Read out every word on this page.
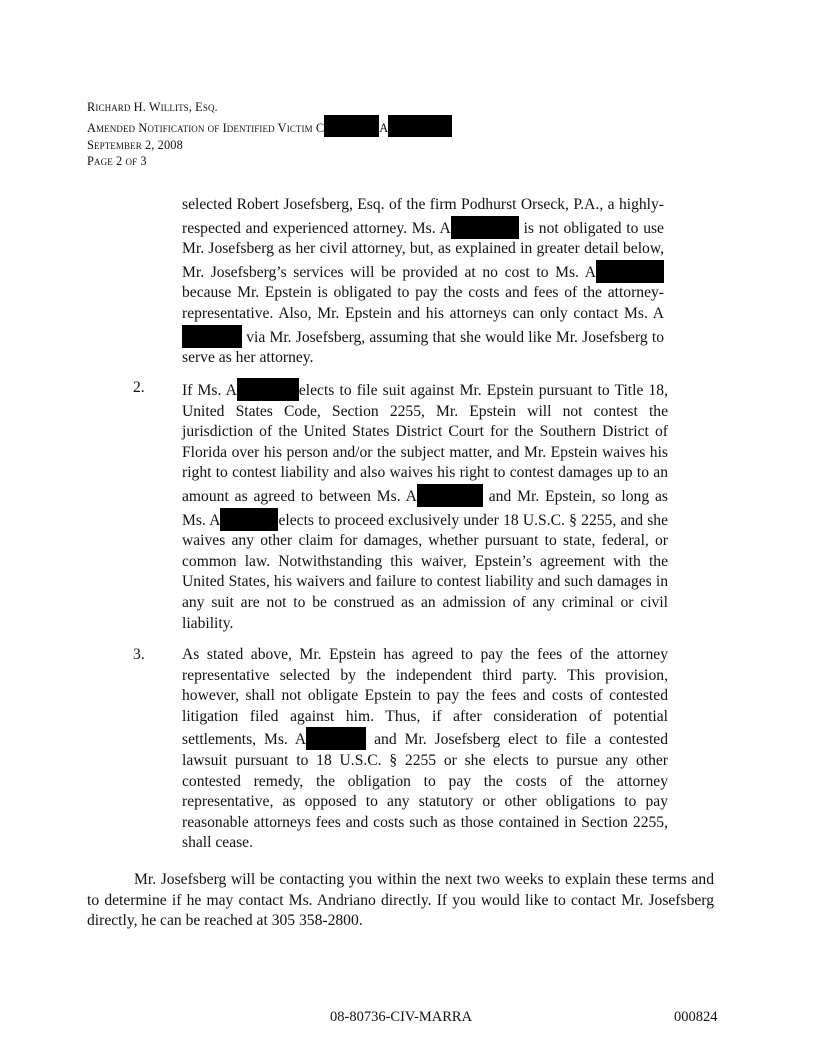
Richard H. Willits, Esq.
Amended Notification of Identified Victim C	A
September 2, 2008
Page 2 of 3
selected Robert Josefsberg, Esq. of the firm Podhurst Orseck, P.A., a highly-respected and experienced attorney. Ms. A	is not obligated to use Mr. Josefsberg as her civil attorney, but, as explained in greater detail below, Mr. Josefsberg’s services will be provided at no cost to Ms. Abecause Mr. Epstein is obligated to pay the costs and fees of the attorney-representative. Also, Mr. Epstein and his attorneys can only contact Ms. A via Mr. Josefsberg, assuming that she would like Mr. Josefsberg to serve as her attorney.
2. If Ms. A	elects to file suit against Mr. Epstein pursuant to Title 18, United States Code, Section 2255, Mr. Epstein will not contest the jurisdiction of the United States District Court for the Southern District of Florida over his person and/or the subject matter, and Mr. Epstein waives his right to contest liability and also waives his right to contest damages up to an amount as agreed to between Ms. A	and Mr. Epstein, so long as Ms. A	elects to proceed exclusively under 18 U.S.C. § 2255, and she waives any other claim for damages, whether pursuant to state, federal, or common law. Notwithstanding this waiver, Epstein’s agreement with the United States, his waivers and failure to contest liability and such damages in any suit are not to be construed as an admission of any criminal or civil liability.
3. As stated above, Mr. Epstein has agreed to pay the fees of the attorney representative selected by the independent third party. This provision, however, shall not obligate Epstein to pay the fees and costs of contested litigation filed against him. Thus, if after consideration of potential settlements, Ms. A	and Mr. Josefsberg elect to file a contested lawsuit pursuant to 18 U.S.C. § 2255 or she elects to pursue any other contested remedy, the obligation to pay the costs of the attorney representative, as opposed to any statutory or other obligations to pay reasonable attorneys fees and costs such as those contained in Section 2255, shall cease.
Mr. Josefsberg will be contacting you within the next two weeks to explain these terms and to determine if he may contact Ms. Andriano directly. If you would like to contact Mr. Josefsberg directly, he can be reached at 305 358-2800.
08-80736-CIV-MARRA	000824
